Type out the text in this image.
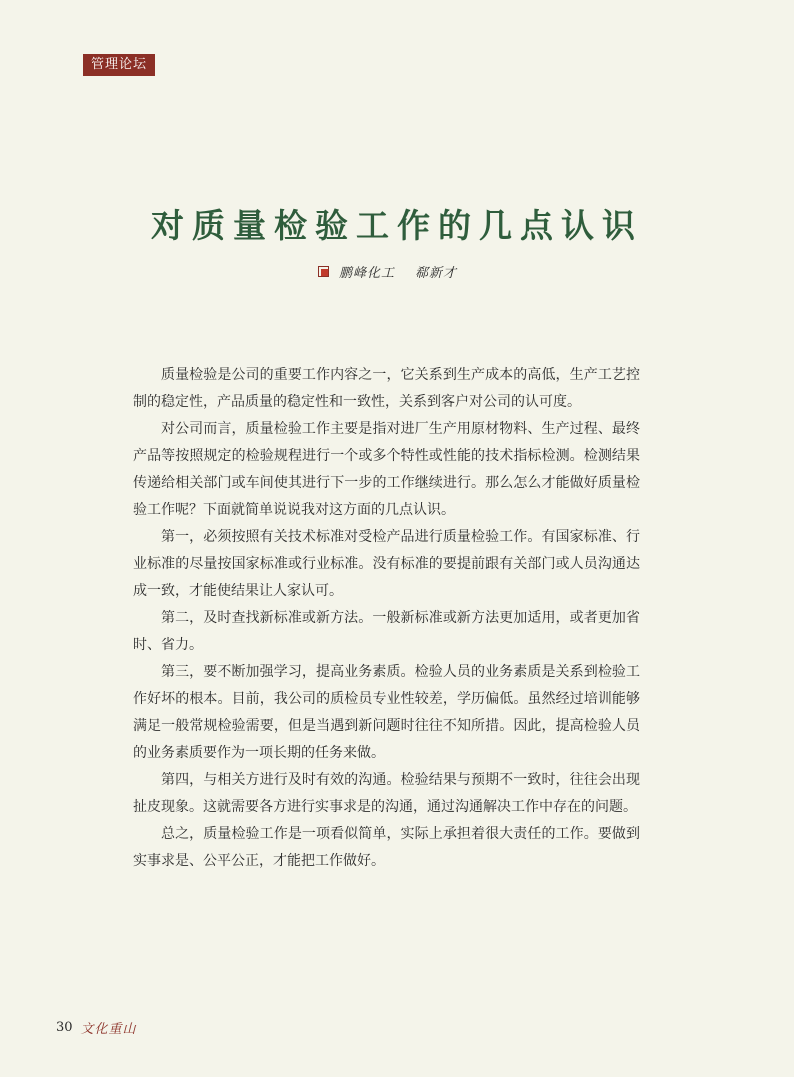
管理论坛
对质量检验工作的几点认识
鹏峰化工 郗新才

质量检验是公司的重要工作内容之一，它关系到生产成本的高低，生产工艺控制的稳定性，产品质量的稳定性和一致性，关系到客户对公司的认可度。

对公司而言，质量检验工作主要是指对进厂生产用原材物料、生产过程、最终产品等按照规定的检验规程进行一个或多个特性或性能的技术指标检测。检测结果传递给相关部门或车间使其进行下一步的工作继续进行。那么怎么才能做好质量检验工作呢？下面就简单说说我对这方面的几点认识。

第一，必须按照有关技术标准对受检产品进行质量检验工作。有国家标准、行业标准的尽量按国家标准或行业标准。没有标准的要提前跟有关部门或人员沟通达成一致，才能使结果让人家认可。

第二，及时查找新标准或新方法。一般新标准或新方法更加适用，或者更加省时、省力。

第三，要不断加强学习，提高业务素质。检验人员的业务素质是关系到检验工作好坏的根本。目前，我公司的质检员专业性较差，学历偏低。虽然经过培训能够满足一般常规检验需要，但是当遇到新问题时往往不知所措。因此，提高检验人员的业务素质要作为一项长期的任务来做。

第四，与相关方进行及时有效的沟通。检验结果与预期不一致时，往往会出现扯皮现象。这就需要各方进行实事求是的沟通，通过沟通解决工作中存在的问题。

总之，质量检验工作是一项看似简单，实际上承担着很大责任的工作。要做到实事求是、公平公正，才能把工作做好。

30 文化重山
